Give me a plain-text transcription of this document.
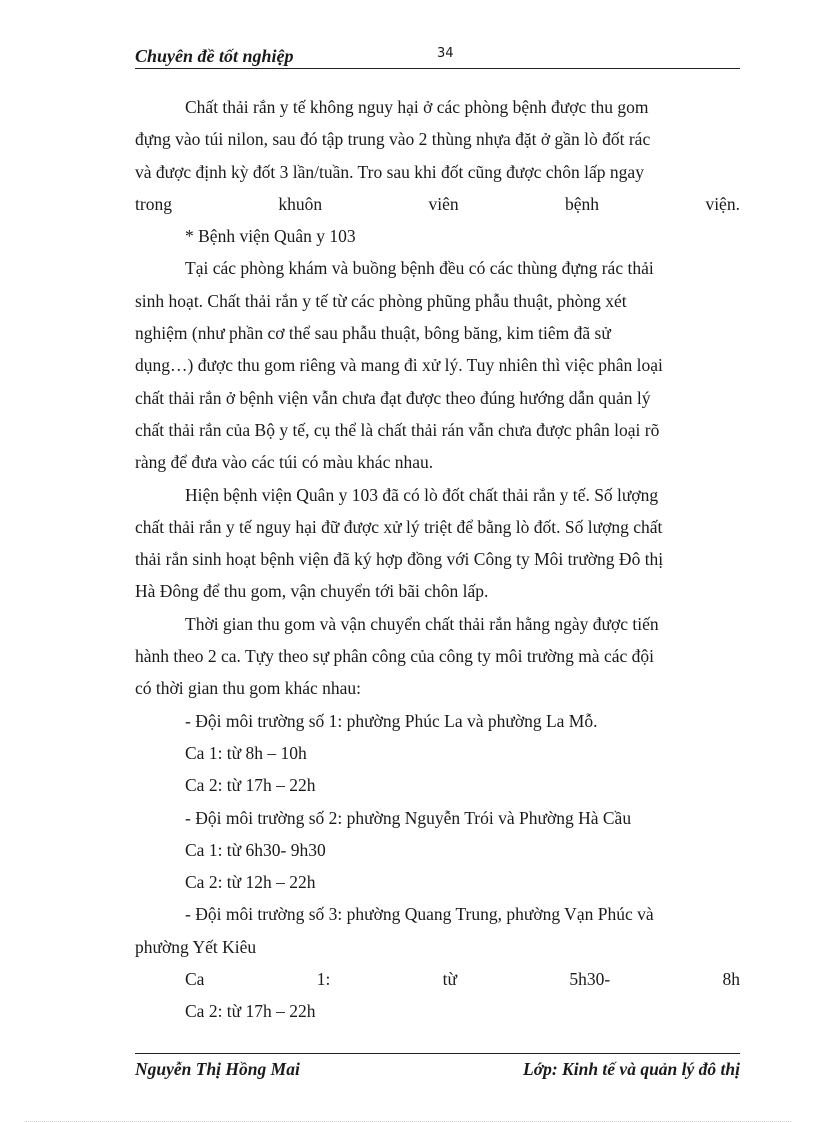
Chuyên đề tốt nghiệp	34
Chất thải rắn y tế không nguy hại ở các phòng bệnh được thu gom
đựng vào túi nilon, sau đó tập trung vào 2 thùng nhựa đặt ở gần lò đốt rác
và được định kỳ đốt 3 lần/tuần. Tro sau khi đốt cũng được chôn lấp ngay
trong	khuôn	viên	bệnh	viện.
* Bệnh viện Quân y 103
Tại các phòng khám và buồng bệnh đều có các thùng đựng rác thải
sinh hoạt. Chất thải rắn y tế từ các phòng phũng phẫu thuật, phòng xét
nghiệm (như phần cơ thể sau phẫu thuật, bông băng, kim tiêm đã sử
dụng…) được thu gom riêng và mang đi xử lý. Tuy nhiên thì việc phân loại
chất thải rắn ở bệnh viện vẫn chưa đạt được theo đúng hướng dẫn quản lý
chất thải rắn của Bộ y tế, cụ thể là chất thải rán vẫn chưa được phân loại rõ
ràng để đưa vào các túi có màu khác nhau.
Hiện bệnh viện Quân y 103 đã có lò đốt chất thải rắn y tế. Số lượng
chất thải rắn y tế nguy hại đữ được xử lý triệt để bằng lò đốt. Số lượng chất
thải rắn sinh hoạt bệnh viện đã ký hợp đồng với Công ty Môi trường Đô thị
Hà Đông để thu gom, vận chuyển tới bãi chôn lấp.
Thời gian thu gom và vận chuyển chất thải rắn hằng ngày được tiến
hành theo 2 ca. Tựy theo sự phân công của công ty môi trường mà các đội
có thời gian thu gom khác nhau:
- Đội môi trường số 1: phường Phúc La và phường La Mỗ.
Ca 1: từ 8h – 10h
Ca 2: từ 17h – 22h
- Đội môi trường số 2: phường Nguyễn Trói và Phường Hà Cầu
Ca 1: từ 6h30- 9h30
Ca 2: từ 12h – 22h
- Đội môi trường số 3: phường Quang Trung, phường Vạn Phúc và
phường Yết Kiêu
Ca	1:	từ	5h30-	8h
Ca 2: từ 17h – 22h
Nguyễn Thị Hồng Mai	Lớp: Kinh tế và quản lý đô thị
